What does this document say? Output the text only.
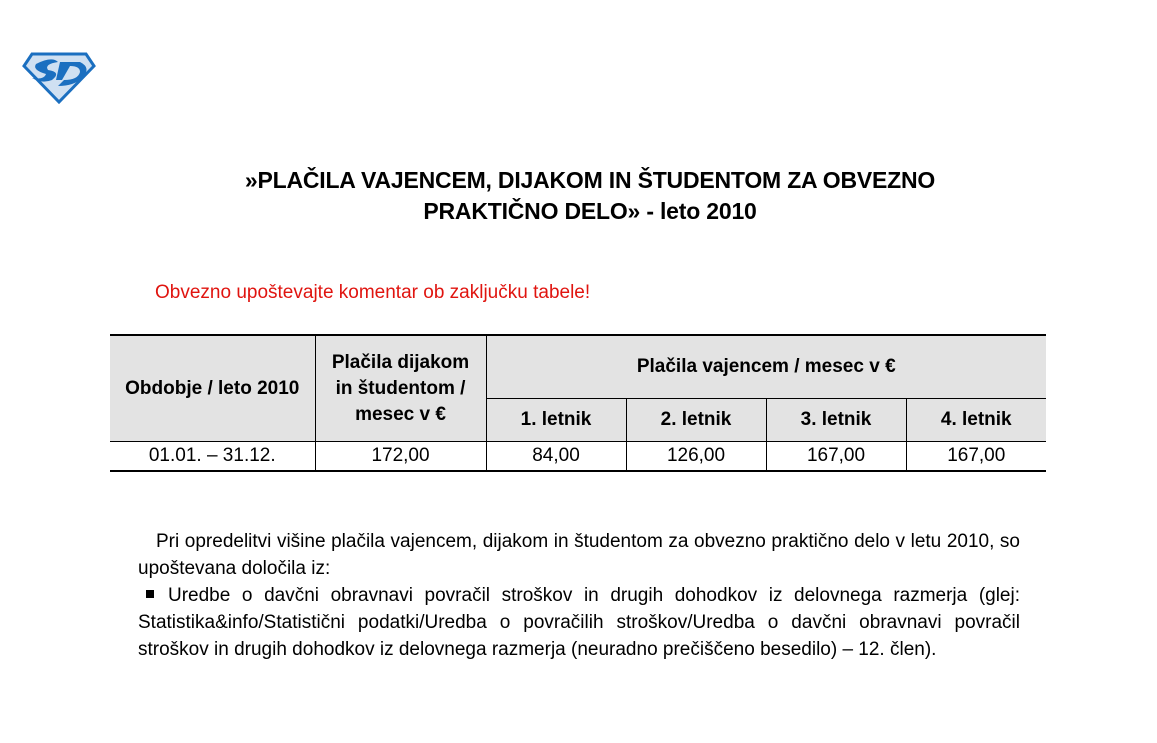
»PLAČILA VAJENCEM, DIJAKOM IN ŠTUDENTOM ZA OBVEZNO
PRAKTIČNO DELO» - leto 2010
Obvezno upoštevajte komentar ob zaključku tabele!
Obdobje / leto 2010	Plačila dijakom in študentom / mesec v €	Plačila vajencem / mesec v €			
		1. letnik	2. letnik	3. letnik	4. letnik
01.01. – 31.12.	172,00	84,00	126,00	167,00	167,00
Pri opredelitvi višine plačila vajencem, dijakom in študentom za obvezno praktično delo v letu 2010, so upoštevana določila iz:
Uredbe o davčni obravnavi povračil stroškov in drugih dohodkov iz delovnega razmerja (glej: Statistika&info/Statistični podatki/Uredba o povračilih stroškov/Uredba o davčni obravnavi povračil stroškov in drugih dohodkov iz delovnega razmerja (neuradno prečiščeno besedilo) – 12. člen).
